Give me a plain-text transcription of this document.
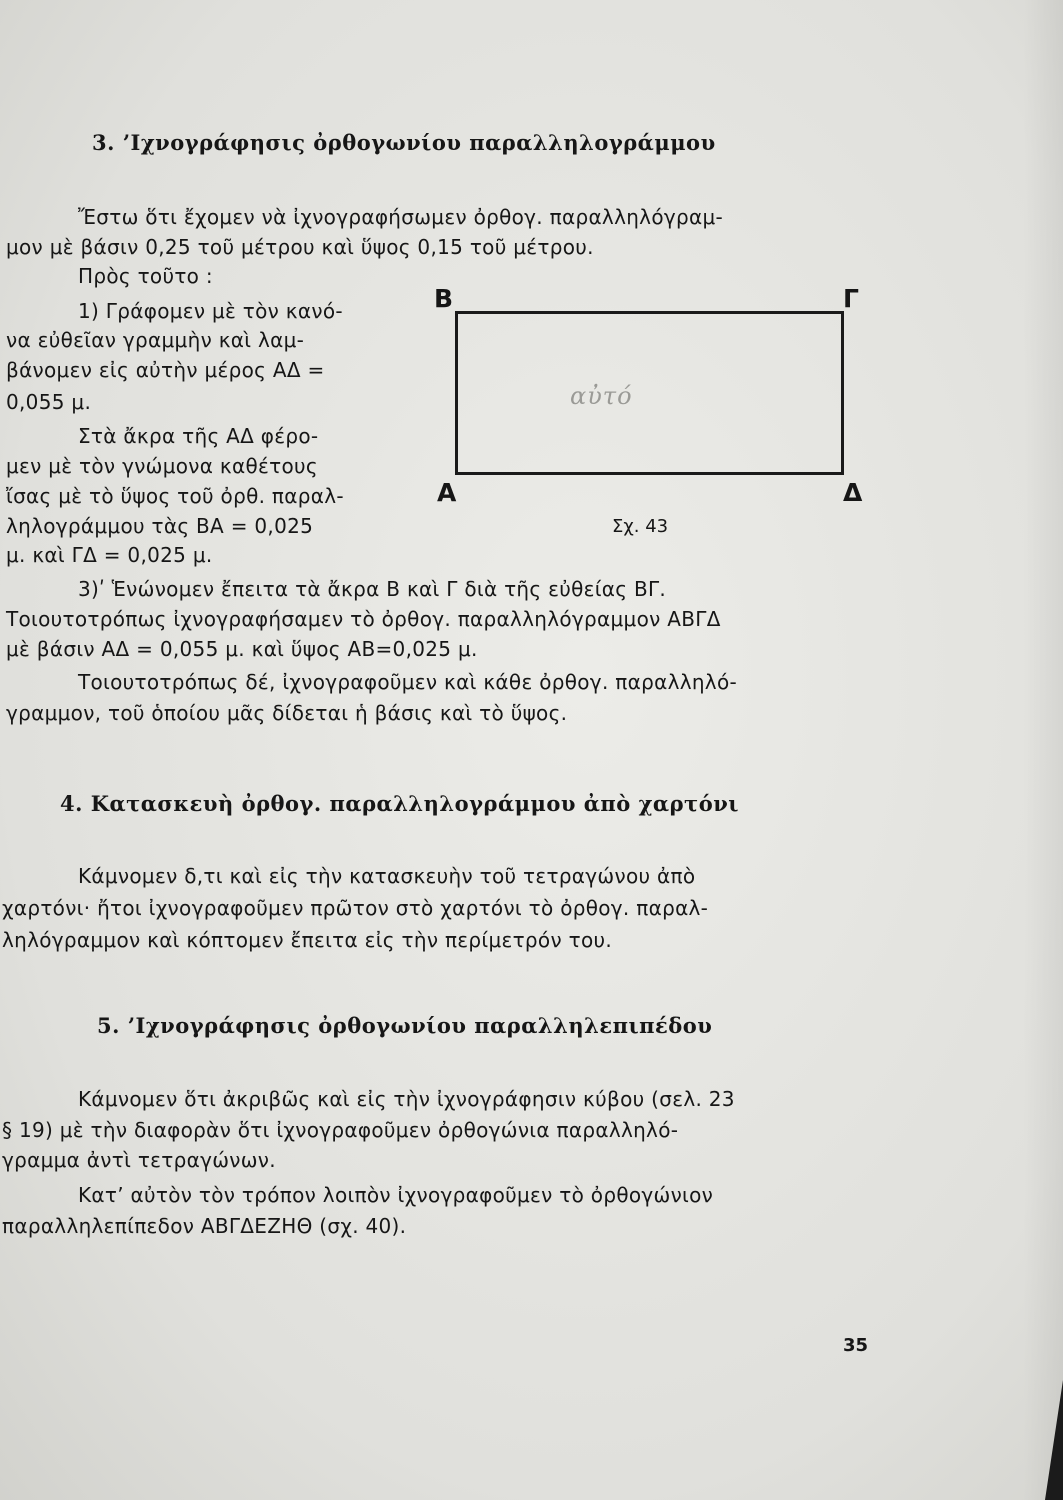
3. ’Ιχνογράφησις ὀρθογωνίου παραλληλογράμμου
Ἔστω ὅτι ἔχομεν νὰ ἰχνογραφήσωμεν ὀρθογ. παραλληλόγραμ-
μον μὲ βάσιν 0,25 τοῦ μέτρου καὶ ὕψος 0,15 τοῦ μέτρου.
Πρὸς τοῦτο :
1) Γράφομεν μὲ τὸν κανό-
να εὐθεῖαν γραμμὴν καὶ λαμ-
βάνομεν εἰς αὐτὴν μέρος ΑΔ =
0,055 μ.
Στὰ ἄκρα τῆς ΑΔ φέρο-
μεν μὲ τὸν γνώμονα καθέτους
ἴσας μὲ τὸ ὕψος τοῦ ὀρθ. παραλ-
ληλογράμμου τὰς ΒΑ = 0,025
μ. καὶ ΓΔ = 0,025 μ.
Β	Γ
Α	Δ
αὐτό
Σχ. 43
3)ʹ Ἑνώνομεν ἔπειτα τὰ ἄκρα Β καὶ Γ διὰ τῆς εὐθείας ΒΓ.
Τοιουτοτρόπως ἰχνογραφήσαμεν τὸ ὀρθογ. παραλληλόγραμμον ΑΒΓΔ
μὲ βάσιν ΑΔ = 0,055 μ. καὶ ὕψος ΑΒ=0,025 μ.
Τοιουτοτρόπως δέ, ἰχνογραφοῦμεν καὶ κάθε ὀρθογ. παραλληλό-
γραμμον, τοῦ ὁποίου μᾶς δίδεται ἡ βάσις καὶ τὸ ὕψος.
4. Κατασκευὴ ὀρθογ. παραλληλογράμμου ἀπὸ χαρτόνι
Κάμνομεν δ,τι καὶ εἰς τὴν κατασκευὴν τοῦ τετραγώνου ἀπὸ
χαρτόνι· ἤτοι ἰχνογραφοῦμεν πρῶτον στὸ χαρτόνι τὸ ὀρθογ. παραλ-
ληλόγραμμον καὶ κόπτομεν ἔπειτα εἰς τὴν περίμετρόν του.
5. ’Ιχνογράφησις ὀρθογωνίου παραλληλεπιπέδου
Κάμνομεν ὅτι ἀκριβῶς καὶ εἰς τὴν ἰχνογράφησιν κύβου (σελ. 23
§ 19) μὲ τὴν διαφορὰν ὅτι ἰχνογραφοῦμεν ὀρθογώνια παραλληλό-
γραμμα ἀντὶ τετραγώνων.
Κατ’ αὐτὸν τὸν τρόπον λοιπὸν ἰχνογραφοῦμεν τὸ ὀρθογώνιον
παραλληλεπίπεδον ΑΒΓΔΕΖΗΘ (σχ. 40).
35
